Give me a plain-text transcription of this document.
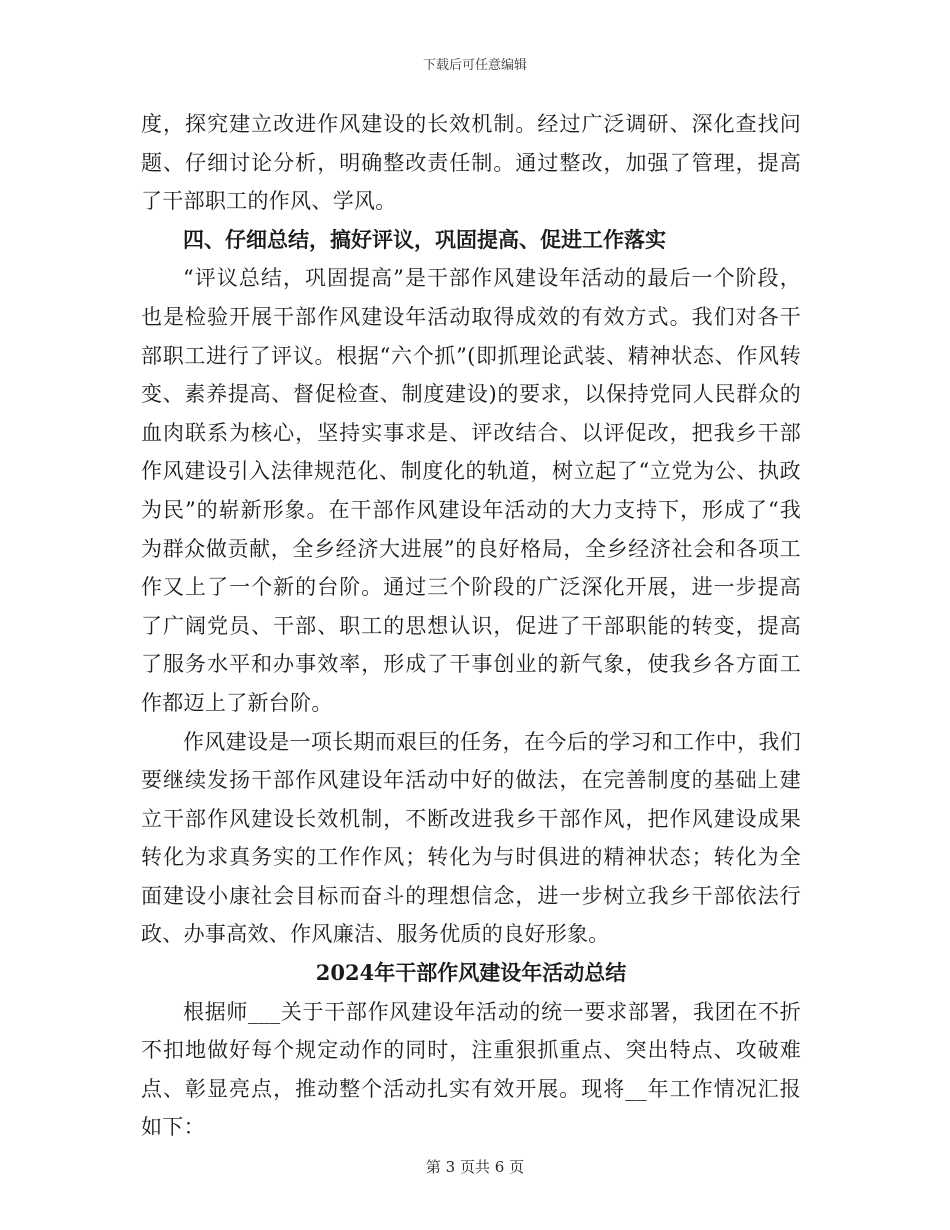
下载后可任意编辑

度，探究建立改进作风建设的长效机制。经过广泛调研、深化查找问题、仔细讨论分析，明确整改责任制。通过整改，加强了管理，提高了干部职工的作风、学风。

四、仔细总结，搞好评议，巩固提高、促进工作落实

“评议总结，巩固提高”是干部作风建设年活动的最后一个阶段，也是检验开展干部作风建设年活动取得成效的有效方式。我们对各干部职工进行了评议。根据“六个抓”(即抓理论武装、精神状态、作风转变、素养提高、督促检查、制度建设)的要求，以保持党同人民群众的血肉联系为核心，坚持实事求是、评改结合、以评促改，把我乡干部作风建设引入法律规范化、制度化的轨道，树立起了“立党为公、执政为民”的崭新形象。在干部作风建设年活动的大力支持下，形成了“我为群众做贡献，全乡经济大进展”的良好格局，全乡经济社会和各项工作又上了一个新的台阶。通过三个阶段的广泛深化开展，进一步提高了广阔党员、干部、职工的思想认识，促进了干部职能的转变，提高了服务水平和办事效率，形成了干事创业的新气象，使我乡各方面工作都迈上了新台阶。

作风建设是一项长期而艰巨的任务，在今后的学习和工作中，我们要继续发扬干部作风建设年活动中好的做法，在完善制度的基础上建立干部作风建设长效机制，不断改进我乡干部作风，把作风建设成果转化为求真务实的工作作风；转化为与时俱进的精神状态；转化为全面建设小康社会目标而奋斗的理想信念，进一步树立我乡干部依法行政、办事高效、作风廉洁、服务优质的良好形象。

2024年干部作风建设年活动总结

根据师___关于干部作风建设年活动的统一要求部署，我团在不折不扣地做好每个规定动作的同时，注重狠抓重点、突出特点、攻破难点、彰显亮点，推动整个活动扎实有效开展。现将__年工作情况汇报如下：

第 3 页共 6 页
